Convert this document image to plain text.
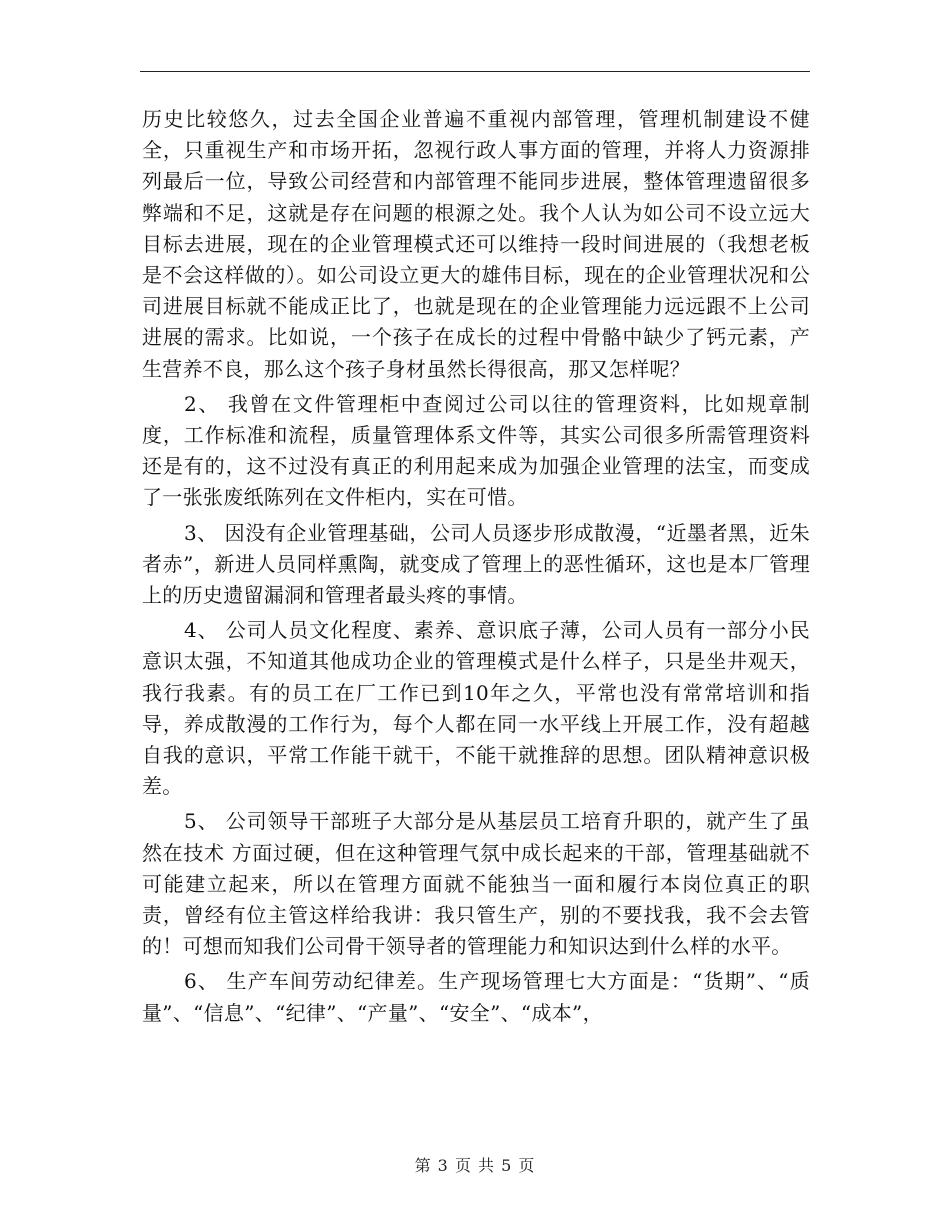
历史比较悠久，过去全国企业普遍不重视内部管理，管理机制建设不健全，只重视生产和市场开拓，忽视行政人事方面的管理，并将人力资源排列最后一位，导致公司经营和内部管理不能同步进展，整体管理遗留很多弊端和不足，这就是存在问题的根源之处。我个人认为如公司不设立远大目标去进展，现在的企业管理模式还可以维持一段时间进展的（我想老板是不会这样做的）。如公司设立更大的雄伟目标，现在的企业管理状况和公司进展目标就不能成正比了，也就是现在的企业管理能力远远跟不上公司进展的需求。比如说，一个孩子在成长的过程中骨骼中缺少了钙元素，产生营养不良，那么这个孩子身材虽然长得很高，那又怎样呢？

2、 我曾在文件管理柜中查阅过公司以往的管理资料，比如规章制度，工作标准和流程，质量管理体系文件等，其实公司很多所需管理资料还是有的，这不过没有真正的利用起来成为加强企业管理的法宝，而变成了一张张废纸陈列在文件柜内，实在可惜。

3、 因没有企业管理基础，公司人员逐步形成散漫，“近墨者黑，近朱者赤”，新进人员同样熏陶，就变成了管理上的恶性循环，这也是本厂管理上的历史遗留漏洞和管理者最头疼的事情。

4、 公司人员文化程度、素养、意识底子薄，公司人员有一部分小民意识太强，不知道其他成功企业的管理模式是什么样子，只是坐井观天，我行我素。有的员工在厂工作已到10年之久，平常也没有常常培训和指导，养成散漫的工作行为，每个人都在同一水平线上开展工作，没有超越自我的意识，平常工作能干就干，不能干就推辞的思想。团队精神意识极差。

5、 公司领导干部班子大部分是从基层员工培育升职的，就产生了虽然在技术 方面过硬，但在这种管理气氛中成长起来的干部，管理基础就不可能建立起来，所以在管理方面就不能独当一面和履行本岗位真正的职责，曾经有位主管这样给我讲：我只管生产，别的不要找我，我不会去管的！可想而知我们公司骨干领导者的管理能力和知识达到什么样的水平。

6、 生产车间劳动纪律差。生产现场管理七大方面是：“货期”、“质量”、“信息”、“纪律”、“产量”、“安全”、“成本”，

第 3 页 共 5 页
